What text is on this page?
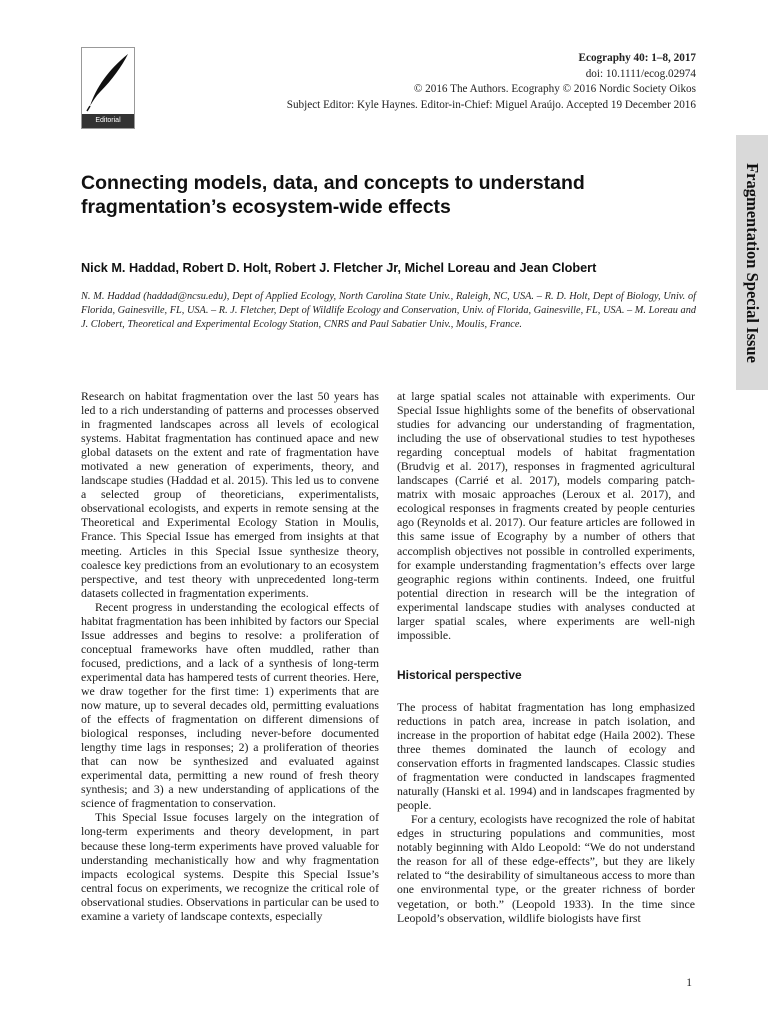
Editorial
Ecography 40: 1–8, 2017
doi: 10.1111/ecog.02974
© 2016 The Authors. Ecography © 2016 Nordic Society Oikos
Subject Editor: Kyle Haynes. Editor-in-Chief: Miguel Araújo. Accepted 19 December 2016
Fragmentation Special Issue
Connecting models, data, and concepts to understand fragmentation’s ecosystem-wide effects

Nick M. Haddad, Robert D. Holt, Robert J. Fletcher Jr, Michel Loreau and Jean Clobert

N. M. Haddad (haddad@ncsu.edu), Dept of Applied Ecology, North Carolina State Univ., Raleigh, NC, USA. – R. D. Holt, Dept of Biology, Univ. of Florida, Gainesville, FL, USA. – R. J. Fletcher, Dept of Wildlife Ecology and Conservation, Univ. of Florida, Gainesville, FL, USA. – M. Loreau and J. Clobert, Theoretical and Experimental Ecology Station, CNRS and Paul Sabatier Univ., Moulis, France.

Research on habitat fragmentation over the last 50 years has led to a rich understanding of patterns and processes observed in fragmented landscapes across all levels of ecological systems. Habitat fragmentation has continued apace and new global datasets on the extent and rate of fragmentation have motivated a new generation of experiments, theory, and landscape studies (Haddad et al. 2015). This led us to convene a selected group of theoreticians, experimentalists, observational ecologists, and experts in remote sensing at the Theoretical and Experimental Ecology Station in Moulis, France. This Special Issue has emerged from insights at that meeting. Articles in this Special Issue synthesize theory, coalesce key predictions from an evolutionary to an ecosystem perspective, and test theory with unprecedented long-term datasets collected in fragmentation experiments.

Recent progress in understanding the ecological effects of habitat fragmentation has been inhibited by factors our Special Issue addresses and begins to resolve: a proliferation of conceptual frameworks have often muddled, rather than focused, predictions, and a lack of a synthesis of long-term experimental data has hampered tests of current theories. Here, we draw together for the first time: 1) experiments that are now mature, up to several decades old, permitting evaluations of the effects of fragmentation on different dimensions of biological responses, including never-before documented lengthy time lags in responses; 2) a proliferation of theories that can now be synthesized and evaluated against experimental data, permitting a new round of fresh theory synthesis; and 3) a new understanding of applications of the science of fragmentation to conservation.

This Special Issue focuses largely on the integration of long-term experiments and theory development, in part because these long-term experiments have proved valuable for understanding mechanistically how and why fragmentation impacts ecological systems. Despite this Special Issue’s central focus on experiments, we recognize the critical role of observational studies. Observations in particular can be used to examine a variety of landscape contexts, especially

at large spatial scales not attainable with experiments. Our Special Issue highlights some of the benefits of observational studies for advancing our understanding of fragmentation, including the use of observational studies to test hypotheses regarding conceptual models of habitat fragmentation (Brudvig et al. 2017), responses in fragmented agricultural landscapes (Carrié et al. 2017), models comparing patch-matrix with mosaic approaches (Leroux et al. 2017), and ecological responses in fragments created by people centuries ago (Reynolds et al. 2017). Our feature articles are followed in this same issue of Ecography by a number of others that accomplish objectives not possible in controlled experiments, for example understanding fragmentation’s effects over large geographic regions within continents. Indeed, one fruitful potential direction in research will be the integration of experimental landscape studies with analyses conducted at larger spatial scales, where experiments are well-nigh impossible.

Historical perspective

The process of habitat fragmentation has long emphasized reductions in patch area, increase in patch isolation, and increase in the proportion of habitat edge (Haila 2002). These three themes dominated the launch of ecology and conservation efforts in fragmented landscapes. Classic studies of fragmentation were conducted in landscapes fragmented naturally (Hanski et al. 1994) and in landscapes fragmented by people.

For a century, ecologists have recognized the role of habitat edges in structuring populations and communities, most notably beginning with Aldo Leopold: “We do not understand the reason for all of these edge-effects”, but they are likely related to “the desirability of simultaneous access to more than one environmental type, or the greater richness of border vegetation, or both.” (Leopold 1933). In the time since Leopold’s observation, wildlife biologists have first

1
